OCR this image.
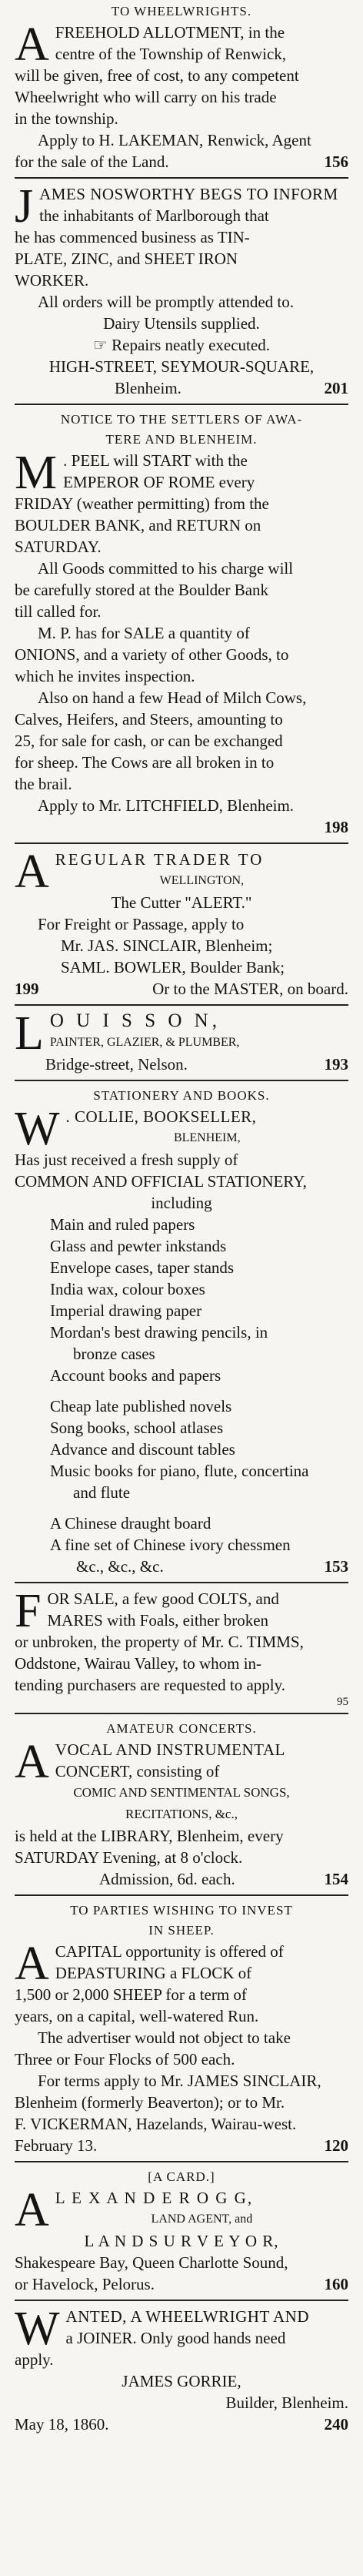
TO WHEELWRIGHTS.
A FREEHOLD ALLOTMENT, in the

centre of the Township of Renwick,

will be given, free of cost, to any competent

Wheelwright who will carry on his trade

in the township.

Apply to H. LAKEMAN, Renwick, Agent

for the sale of the Land.	156
J AMES NOSWORTHY BEGS TO INFORM

the inhabitants of Marlborough that

he has commenced business as TIN-

PLATE, ZINC, and SHEET IRON

WORKER.

All orders will be promptly attended to.

Dairy Utensils supplied.

☞ Repairs neatly executed.

HIGH-STREET, SEYMOUR-SQUARE,

Blenheim.	201
NOTICE TO THE SETTLERS OF AWA-
TERE AND BLENHEIM.
M . PEEL will START with the

EMPEROR OF ROME every

FRIDAY (weather permitting) from the

BOULDER BANK, and RETURN on

SATURDAY.

All Goods committed to his charge will

be carefully stored at the Boulder Bank

till called for.

M. P. has for SALE a quantity of

ONIONS, and a variety of other Goods, to

which he invites inspection.

Also on hand a few Head of Milch Cows,

Calves, Heifers, and Steers, amounting to

25, for sale for cash, or can be exchanged

for sheep. The Cows are all broken in to

the brail.

Apply to Mr. LITCHFIELD, Blenheim.

198

A REGULAR TRADER TO

WELLINGTON,

The Cutter "ALERT."

For Freight or Passage, apply to

Mr. JAS. SINCLAIR, Blenheim;

SAML. BOWLER, Boulder Bank;

199	Or to the MASTER, on board.
L O U I S S O N,

PAINTER, GLAZIER, & PLUMBER,

Bridge-street, Nelson.	193
STATIONERY AND BOOKS.
W . COLLIE, BOOKSELLER,

BLENHEIM,

Has just received a fresh supply of

COMMON AND OFFICIAL STATIONERY,

including

Main and ruled papers

Glass and pewter inkstands

Envelope cases, taper stands

India wax, colour boxes

Imperial drawing paper

Mordan's best drawing pencils, in

bronze cases

Account books and papers

Cheap late published novels

Song books, school atlases

Advance and discount tables

Music books for piano, flute, concertina

and flute

A Chinese draught board

A fine set of Chinese ivory chessmen

&c., &c., &c.	153
F OR SALE, a few good COLTS, and

MARES with Foals, either broken

or unbroken, the property of Mr. C. TIMMS,

Oddstone, Wairau Valley, to whom in-

tending purchasers are requested to apply.

95

AMATEUR CONCERTS.
A VOCAL AND INSTRUMENTAL

CONCERT, consisting of

COMIC AND SENTIMENTAL SONGS,

RECITATIONS, &c.,

is held at the LIBRARY, Blenheim, every

SATURDAY Evening, at 8 o'clock.

Admission, 6d. each.	154
TO PARTIES WISHING TO INVEST
IN SHEEP.
A CAPITAL opportunity is offered of

DEPASTURING a FLOCK of

1,500 or 2,000 SHEEP for a term of

years, on a capital, well-watered Run.

The advertiser would not object to take

Three or Four Flocks of 500 each.

For terms apply to Mr. JAMES SINCLAIR,

Blenheim (formerly Beaverton); or to Mr.

F. VICKERMAN, Hazelands, Wairau-west.

February 13.	120
[A CARD.]
A L E X A N D E R O G G,

LAND AGENT, and

L A N D S U R V E Y O R,

Shakespeare Bay, Queen Charlotte Sound,

or Havelock, Pelorus.	160
W ANTED, A WHEELWRIGHT AND

a JOINER. Only good hands need

apply.

JAMES GORRIE,

Builder, Blenheim.

May 18, 1860.	240
